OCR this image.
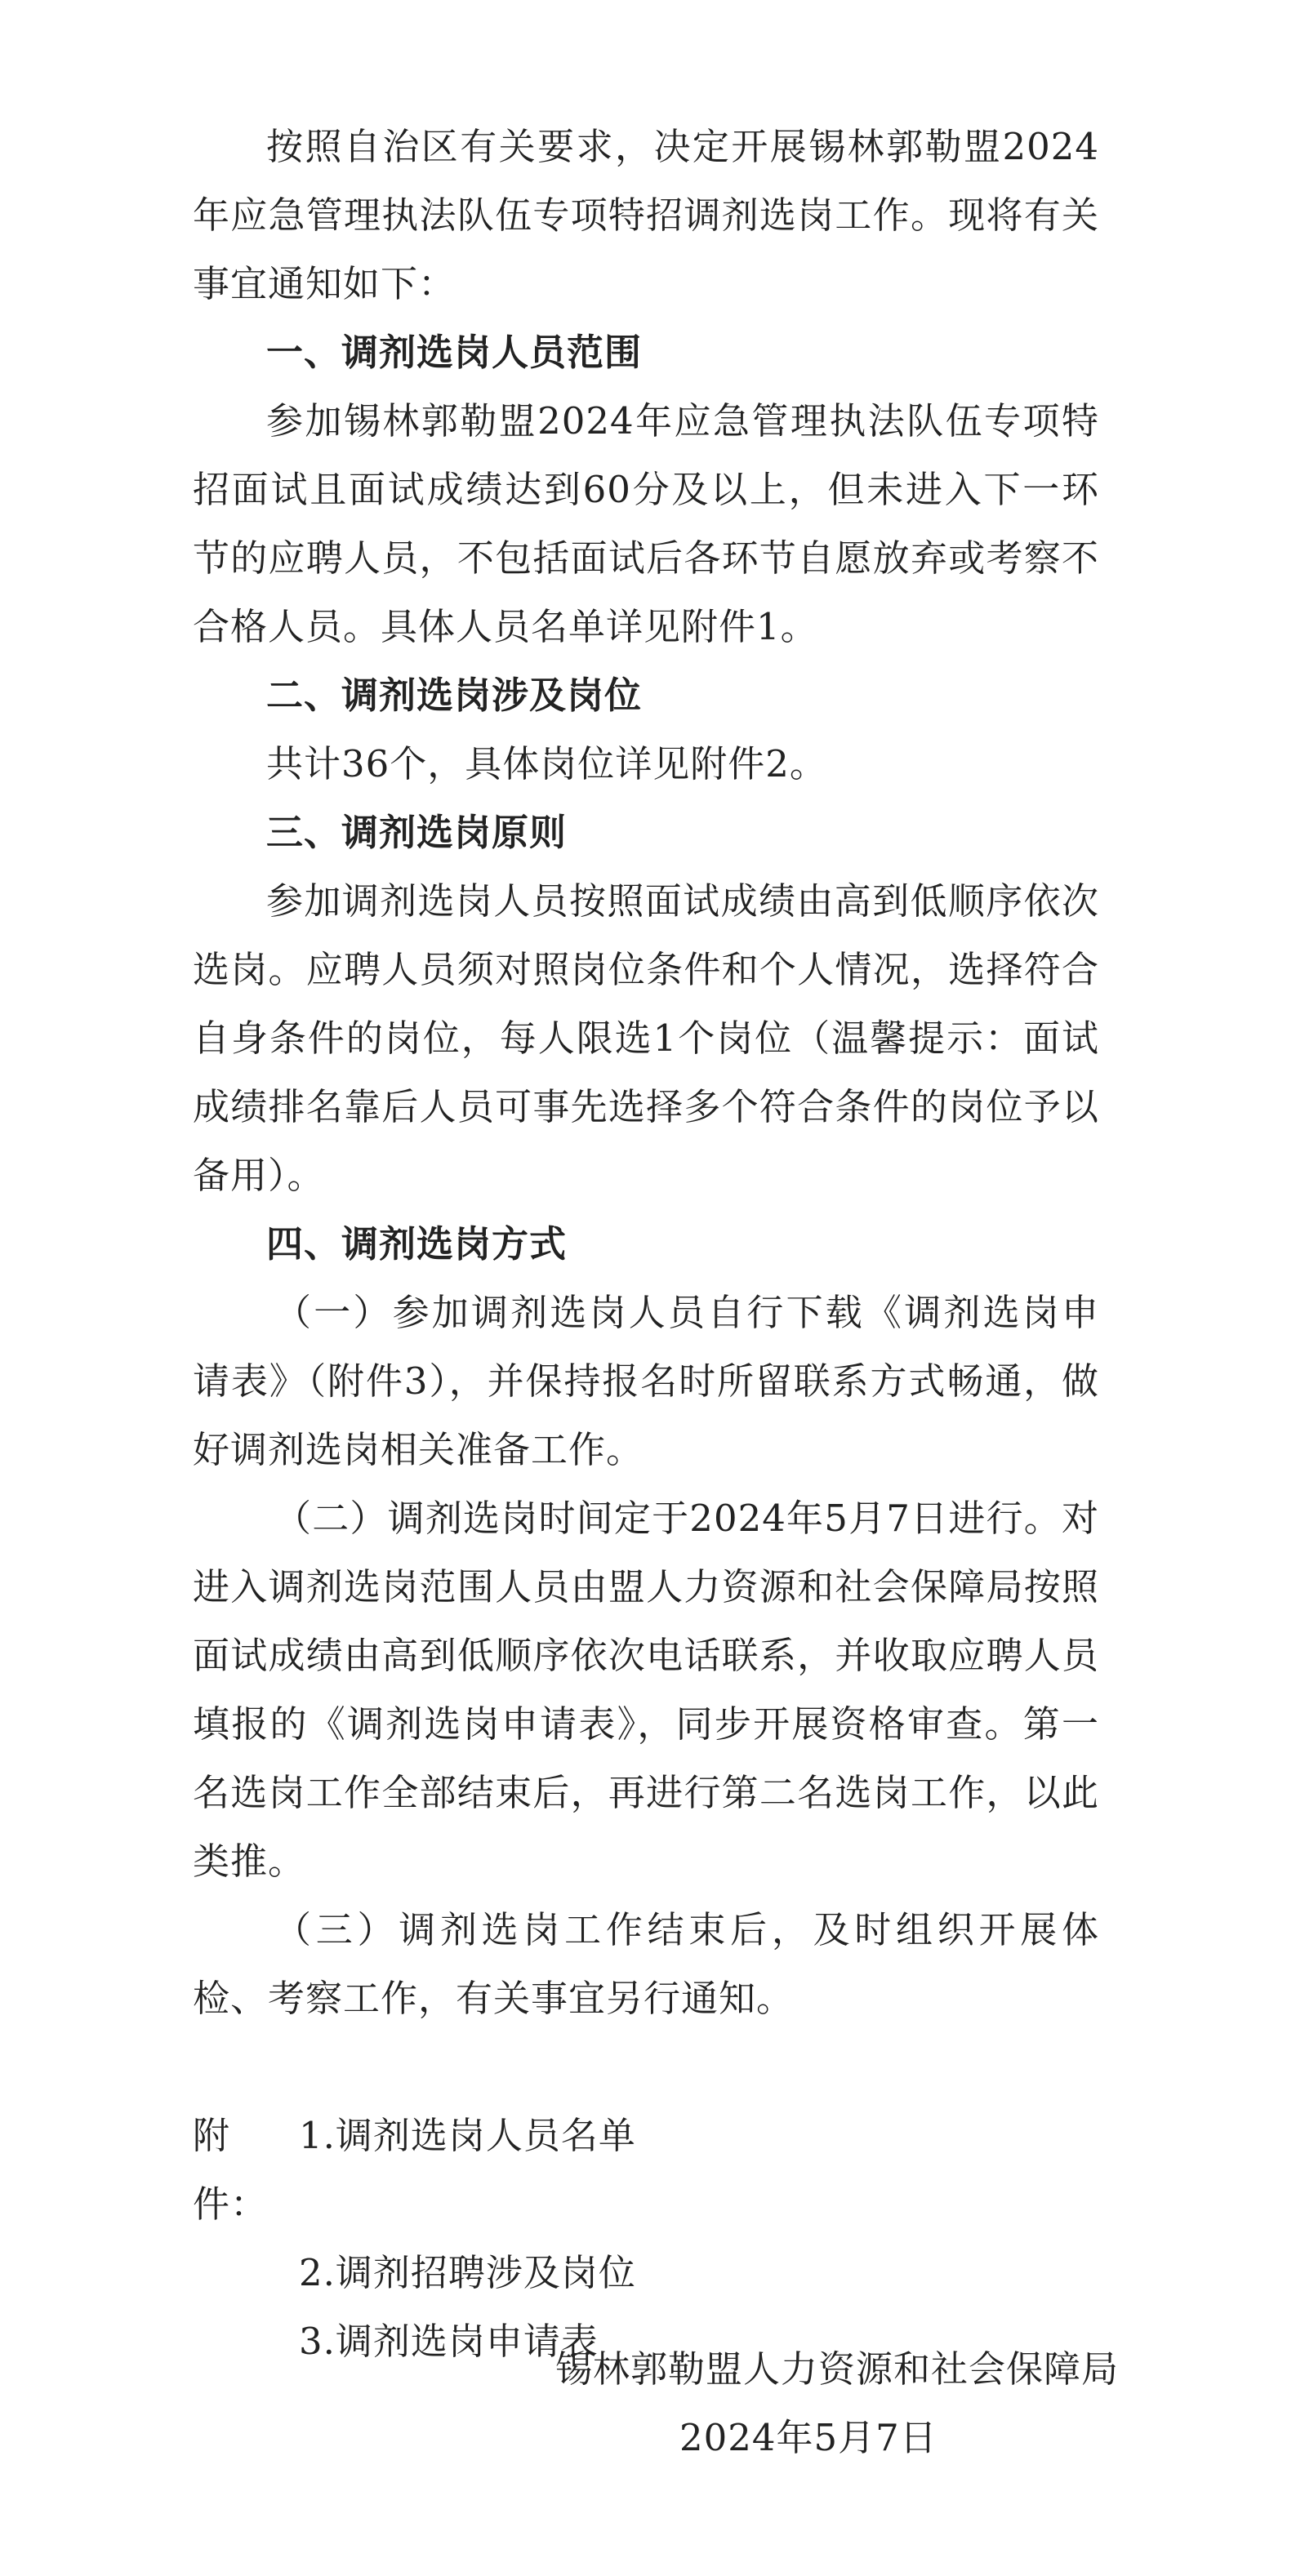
按照自治区有关要求，决定开展锡林郭勒盟2024年应急管理执法队伍专项特招调剂选岗工作。现将有关事宜通知如下：

一、调剂选岗人员范围

参加锡林郭勒盟2024年应急管理执法队伍专项特招面试且面试成绩达到60分及以上，但未进入下一环节的应聘人员，不包括面试后各环节自愿放弃或考察不合格人员。具体人员名单详见附件1。

二、调剂选岗涉及岗位

共计36个，具体岗位详见附件2。

三、调剂选岗原则

参加调剂选岗人员按照面试成绩由高到低顺序依次选岗。应聘人员须对照岗位条件和个人情况，选择符合自身条件的岗位，每人限选1个岗位（温馨提示：面试成绩排名靠后人员可事先选择多个符合条件的岗位予以备用）。

四、调剂选岗方式

（一）参加调剂选岗人员自行下载《调剂选岗申请表》（附件3），并保持报名时所留联系方式畅通，做好调剂选岗相关准备工作。

（二）调剂选岗时间定于2024年5月7日进行。对进入调剂选岗范围人员由盟人力资源和社会保障局按照面试成绩由高到低顺序依次电话联系，并收取应聘人员填报的《调剂选岗申请表》，同步开展资格审查。第一名选岗工作全部结束后，再进行第二名选岗工作，以此类推。

（三）调剂选岗工作结束后，及时组织开展体检、考察工作，有关事宜另行通知。

附件：
1.调剂选岗人员名单
2.调剂招聘涉及岗位
3.调剂选岗申请表
锡林郭勒盟人力资源和社会保障局
2024年5月7日
